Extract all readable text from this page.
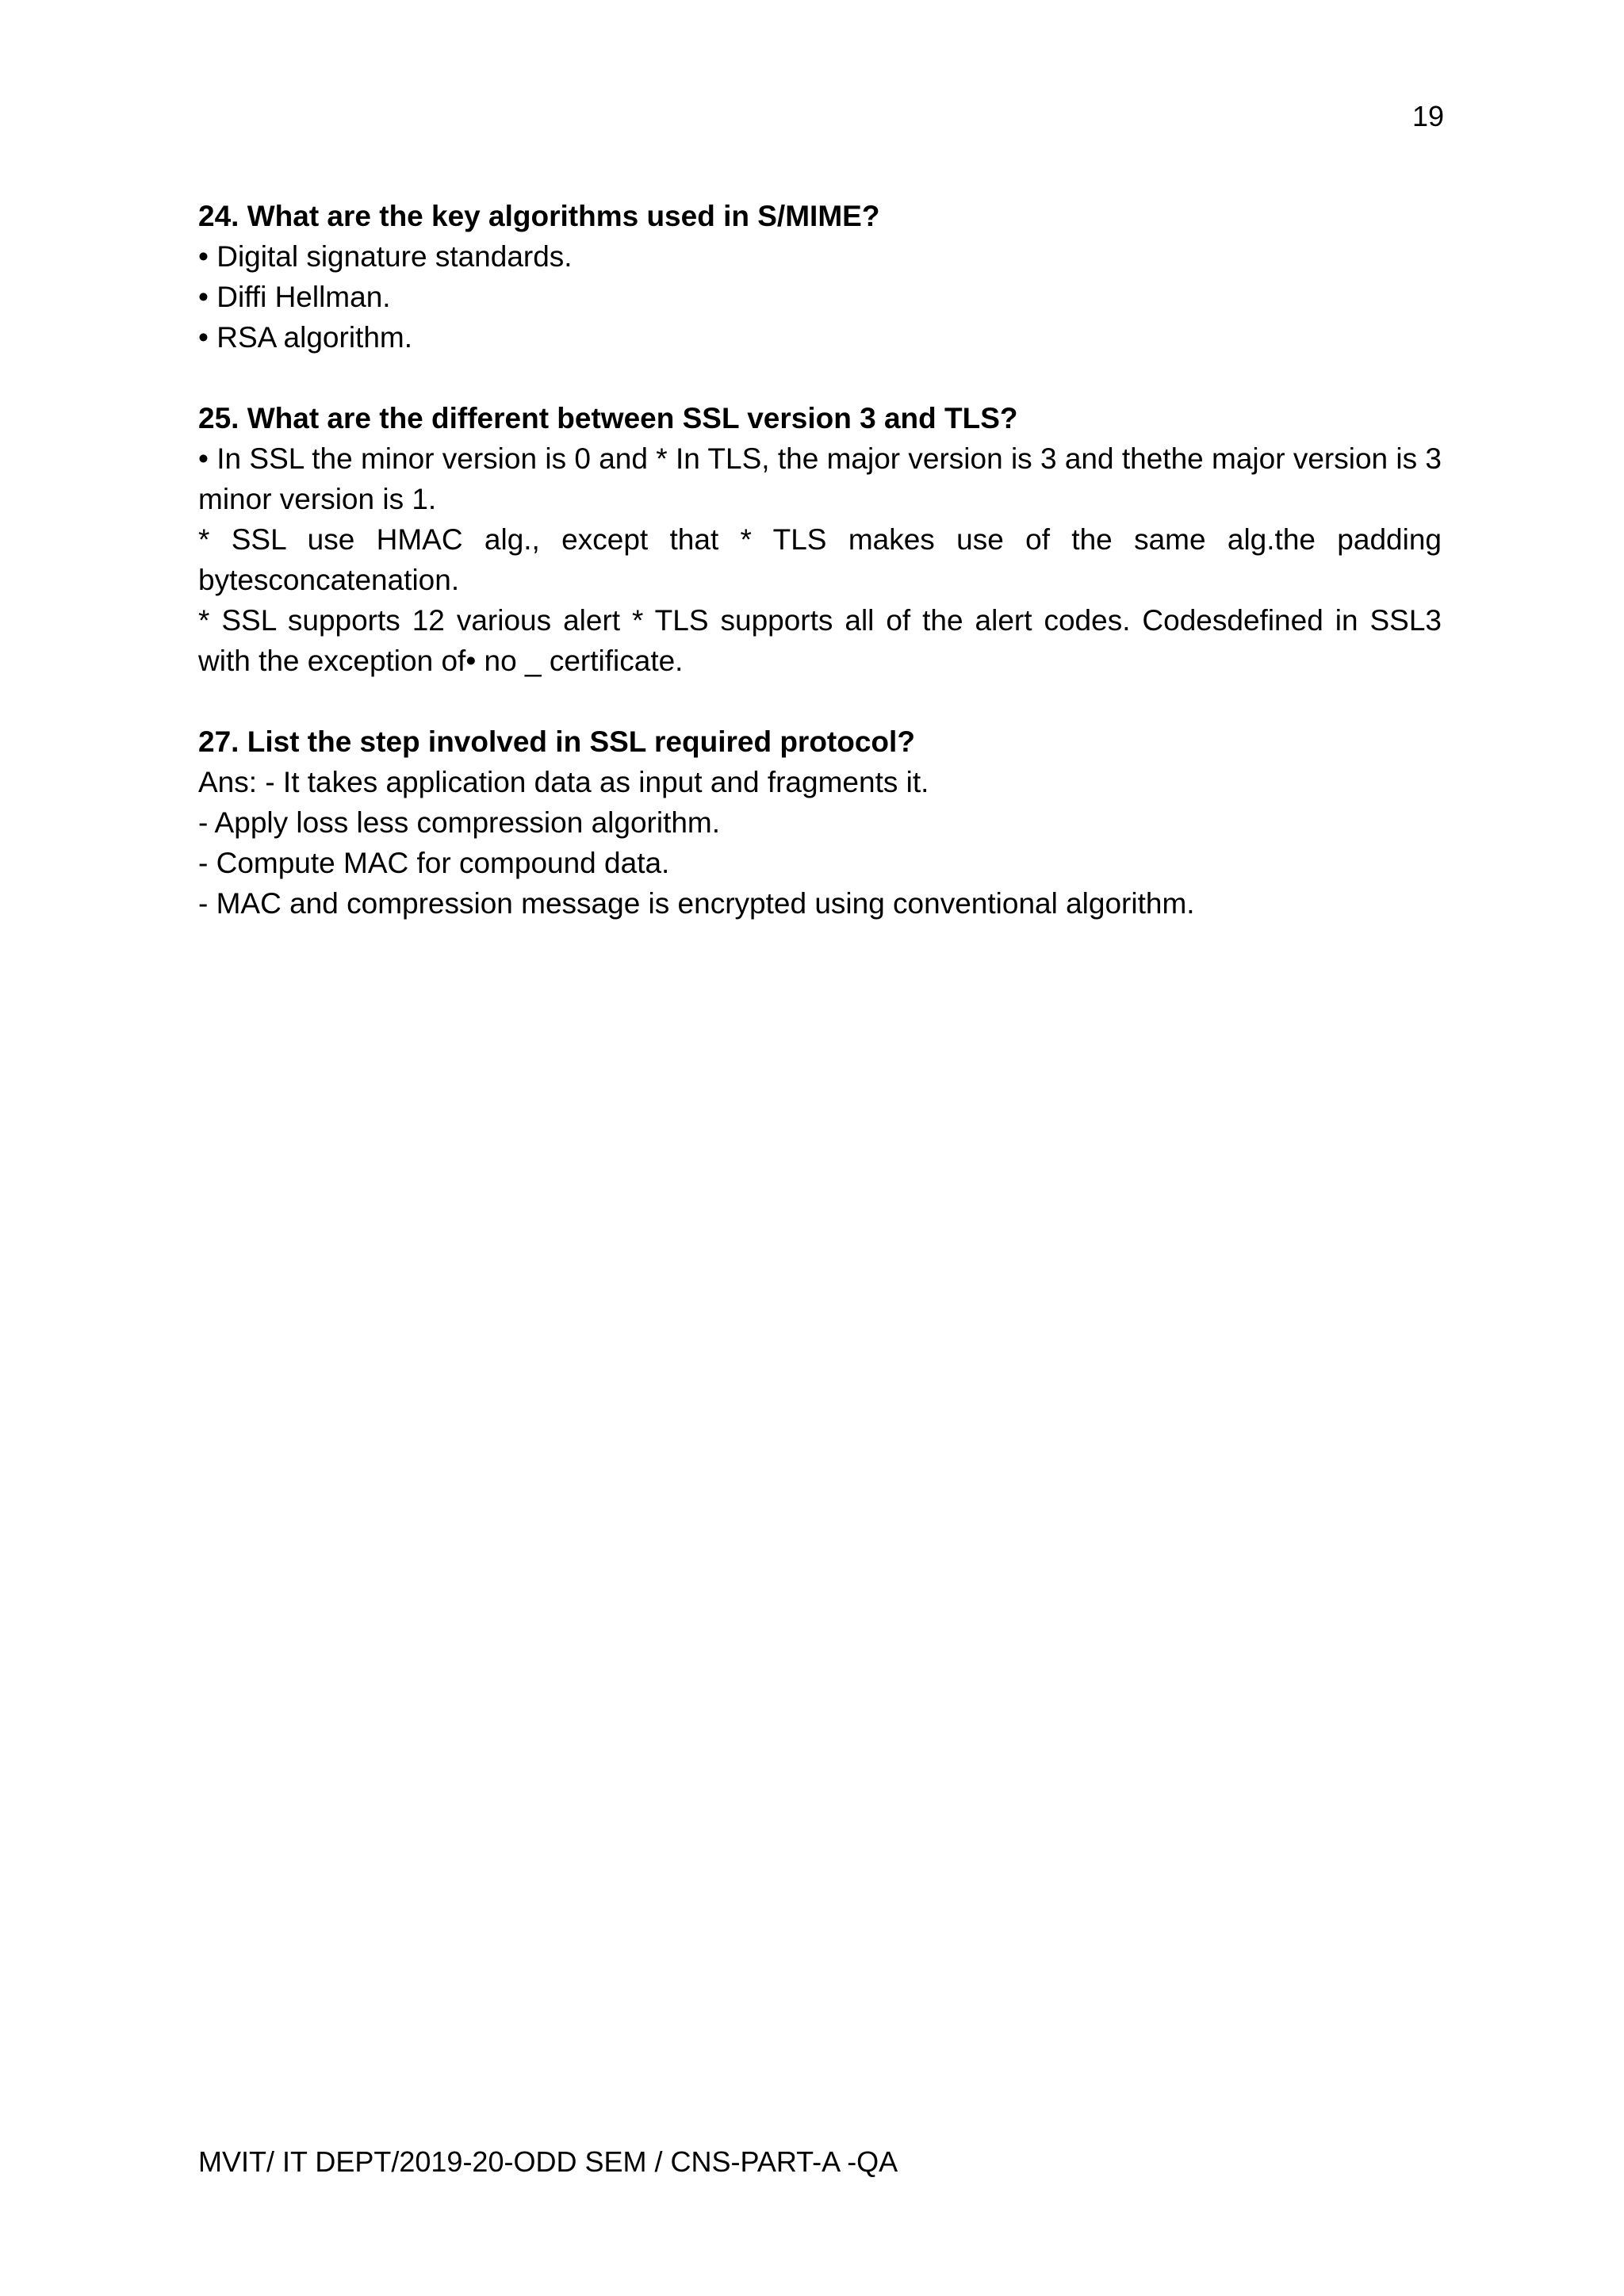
19

24. What are the key algorithms used in S/MIME?

• Digital signature standards.

• Diffi Hellman.

• RSA algorithm.

25. What are the different between SSL version 3 and TLS?

• In SSL the minor version is 0 and * In TLS, the major version is 3 and thethe major version is 3 minor version is 1.

* SSL use HMAC alg., except that * TLS makes use of the same alg.the padding bytesconcatenation.

* SSL supports 12 various alert * TLS supports all of the alert codes. Codesdefined in SSL3 with the exception of• no _ certificate.

27. List the step involved in SSL required protocol?

Ans: - It takes application data as input and fragments it.

- Apply loss less compression algorithm.

- Compute MAC for compound data.

- MAC and compression message is encrypted using conventional algorithm.

MVIT/ IT DEPT/2019-20-ODD SEM / CNS-PART-A -QA
